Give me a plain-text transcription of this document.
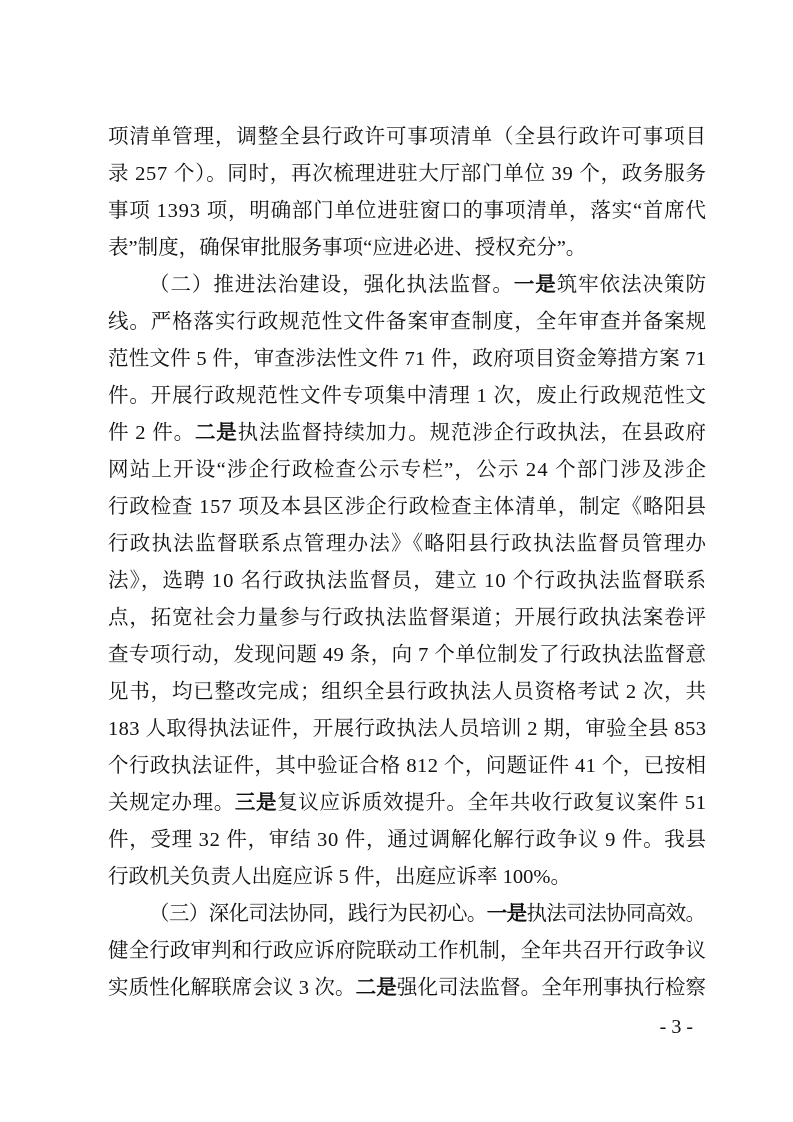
项清单管理，调整全县行政许可事项清单（全县行政许可事项目
录 257 个）。同时，再次梳理进驻大厅部门单位 39 个，政务服务
事项 1393 项，明确部门单位进驻窗口的事项清单，落实“首席代
表”制度，确保审批服务事项“应进必进、授权充分”。
（二）推进法治建设，强化执法监督。一是筑牢依法决策防
线。严格落实行政规范性文件备案审查制度，全年审查并备案规
范性文件 5 件，审查涉法性文件 71 件，政府项目资金筹措方案 71
件。开展行政规范性文件专项集中清理 1 次，废止行政规范性文
件 2 件。二是执法监督持续加力。规范涉企行政执法，在县政府
网站上开设“涉企行政检查公示专栏”，公示 24 个部门涉及涉企
行政检查 157 项及本县区涉企行政检查主体清单，制定《略阳县
行政执法监督联系点管理办法》《略阳县行政执法监督员管理办
法》，选聘 10 名行政执法监督员，建立 10 个行政执法监督联系
点，拓宽社会力量参与行政执法监督渠道；开展行政执法案卷评
查专项行动，发现问题 49 条，向 7 个单位制发了行政执法监督意
见书，均已整改完成；组织全县行政执法人员资格考试 2 次，共
183 人取得执法证件，开展行政执法人员培训 2 期，审验全县 853
个行政执法证件，其中验证合格 812 个，问题证件 41 个，已按相
关规定办理。三是复议应诉质效提升。全年共收行政复议案件 51
件，受理 32 件，审结 30 件，通过调解化解行政争议 9 件。我县
行政机关负责人出庭应诉 5 件，出庭应诉率 100%。
（三）深化司法协同，践行为民初心。一是执法司法协同高效。
健全行政审判和行政应诉府院联动工作机制，全年共召开行政争议
实质性化解联席会议 3 次。二是强化司法监督。全年刑事执行检察
- 3 -
